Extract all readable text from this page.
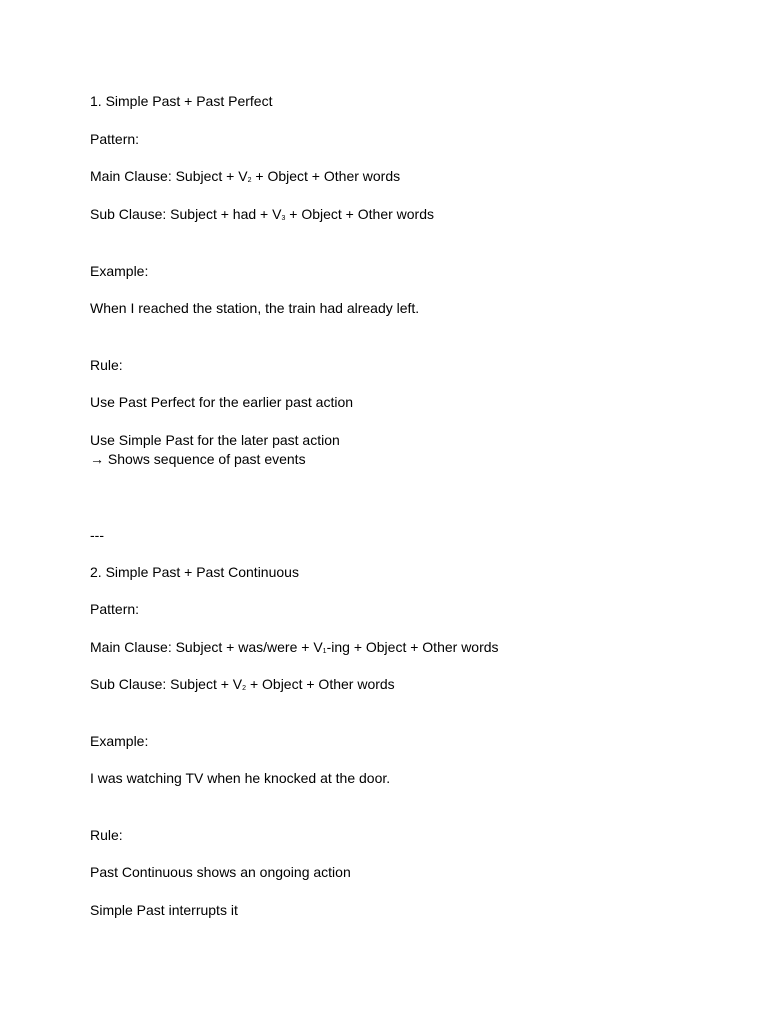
1. Simple Past + Past Perfect
Pattern:
Main Clause: Subject + $V_2$ + Object + Other words
Sub Clause: Subject + had + $V_3$ + Object + Other words
Example:
When I reached the station, the train had already left.
Rule:
Use Past Perfect for the earlier past action
Use Simple Past for the later past action
→ Shows sequence of past events
---
2. Simple Past + Past Continuous
Pattern:
Main Clause: Subject + was/were + $V_1$-ing + Object + Other words
Sub Clause: Subject + $V_2$ + Object + Other words
Example:
I was watching TV when he knocked at the door.
Rule:
Past Continuous shows an ongoing action
Simple Past interrupts it
